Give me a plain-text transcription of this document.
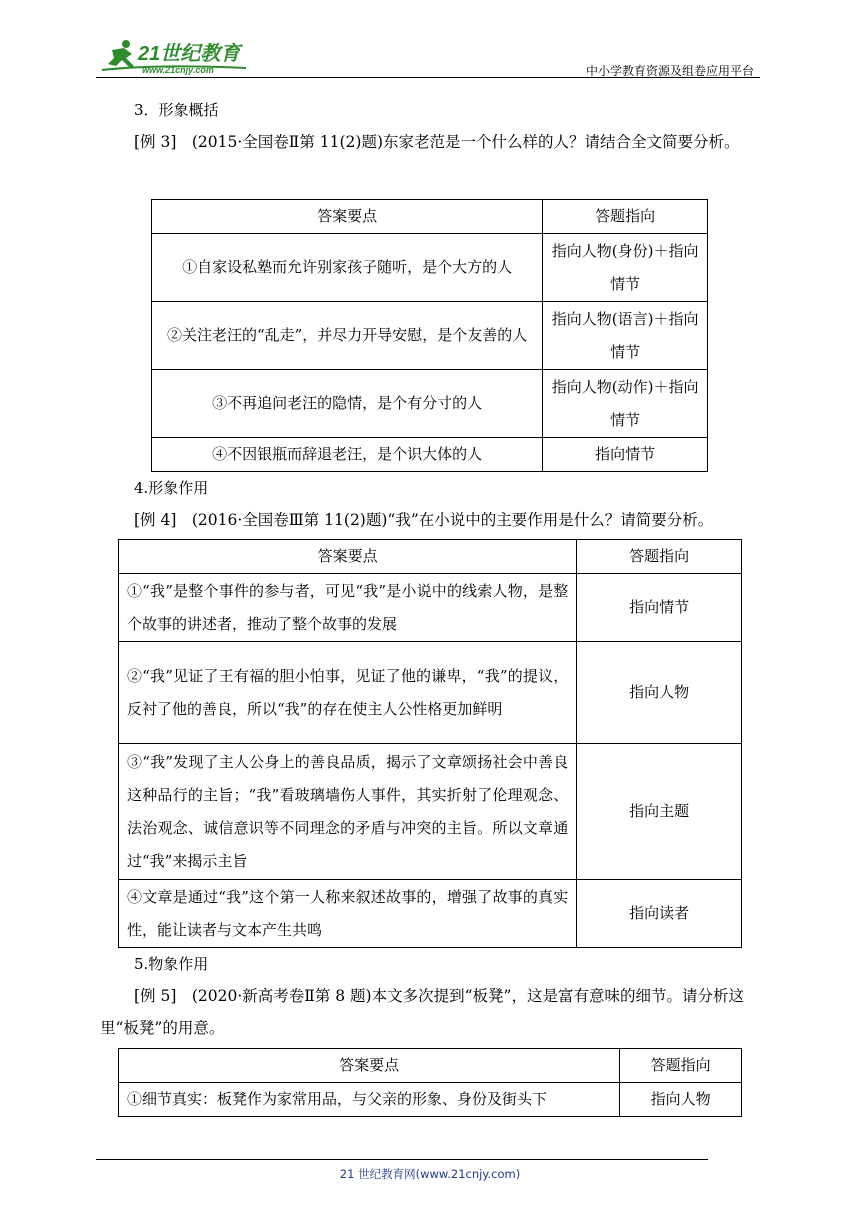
21世纪教育
www.21cnjy.com	中小学教育资源及组卷应用平台
3．形象概括
[例 3]　(2015·全国卷Ⅱ第 11(2)题)东家老范是一个什么样的人？请结合全文简要分析。
答案要点	答题指向
①自家设私塾而允许别家孩子随听，是个大方的人	指向人物(身份)＋指向情节
②关注老汪的“乱走”，并尽力开导安慰，是个友善的人	指向人物(语言)＋指向情节
③不再追问老汪的隐情，是个有分寸的人	指向人物(动作)＋指向情节
④不因银瓶而辞退老汪，是个识大体的人	指向情节
4.形象作用
[例 4]　(2016·全国卷Ⅲ第 11(2)题)“我”在小说中的主要作用是什么？请简要分析。
答案要点	答题指向
①“我”是整个事件的参与者，可见“我”是小说中的线索人物，是整个故事的讲述者，推动了整个故事的发展	指向情节
②“我”见证了王有福的胆小怕事，见证了他的谦卑，“我”的提议，反衬了他的善良，所以“我”的存在使主人公性格更加鲜明	指向人物
③“我”发现了主人公身上的善良品质，揭示了文章颂扬社会中善良这种品行的主旨；“我”看玻璃墙伤人事件，其实折射了伦理观念、法治观念、诚信意识等不同理念的矛盾与冲突的主旨。所以文章通过“我”来揭示主旨	指向主题
④文章是通过“我”这个第一人称来叙述故事的，增强了故事的真实性，能让读者与文本产生共鸣	指向读者
5.物象作用
[例 5]　(2020·新高考卷Ⅱ第 8 题)本文多次提到“板凳”，这是富有意味的细节。请分析这里“板凳”的用意。
答案要点	答题指向
①细节真实：板凳作为家常用品，与父亲的形象、身份及街头下	指向人物
21 世纪教育网(www.21cnjy.com)
